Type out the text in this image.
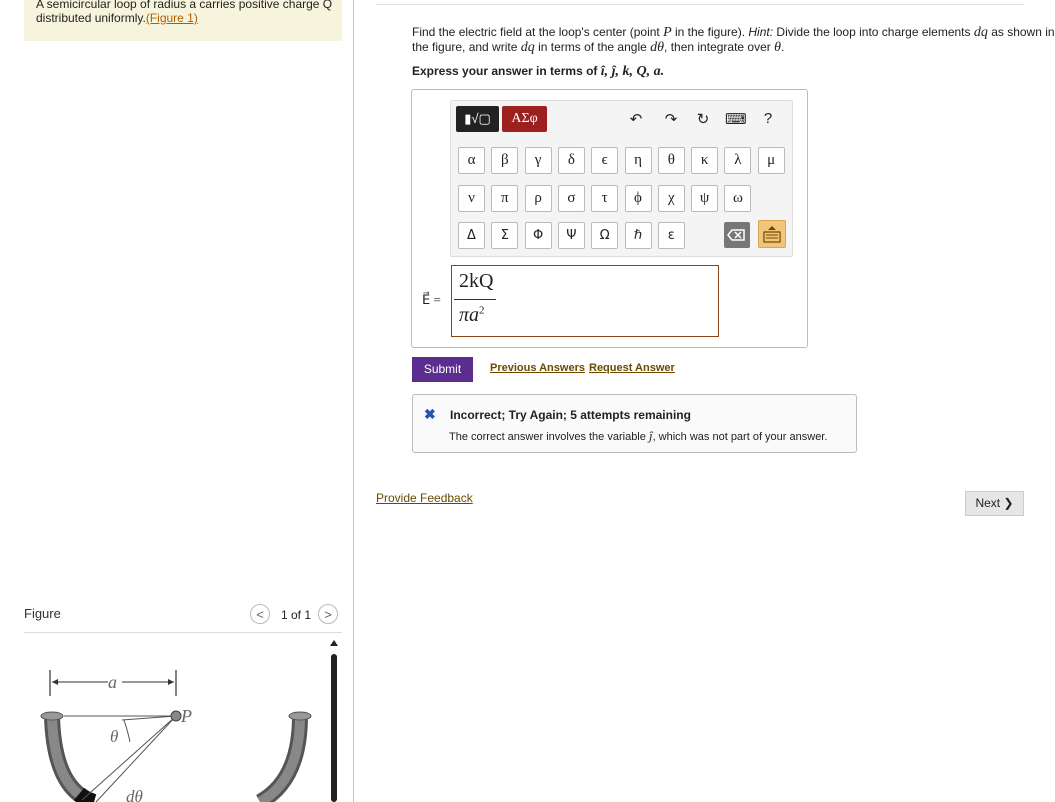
A semicircular loop of radius a carries positive charge Q
distributed uniformly.(Figure 1)
Figure	<	1 of 1	>
a
P
θ
dθ
Find the electric field at the loop's center (point P in the figure). Hint: Divide the loop into charge elements dq as shown in
the figure, and write dq in terms of the angle dθ, then integrate over θ.
Express your answer in terms of î, ĵ, k, Q, a.
▮√▢	ΑΣφ	↶ ↷ ↻ ⌨	?
α	β	γ	δ	ϵ	η	θ	κ	λ	μ
ν	π	ρ	σ	τ	ϕ	χ	ψ	ω
Δ	Σ	Φ	Ψ	Ω	ℏ	ε
E⃗ =
2kQ
$\pi a^2$
Submit	Previous Answers Request Answer
✖ Incorrect; Try Again; 5 attempts remaining
The correct answer involves the variable ĵ, which was not part of your answer.
Provide Feedback	Next ❯
